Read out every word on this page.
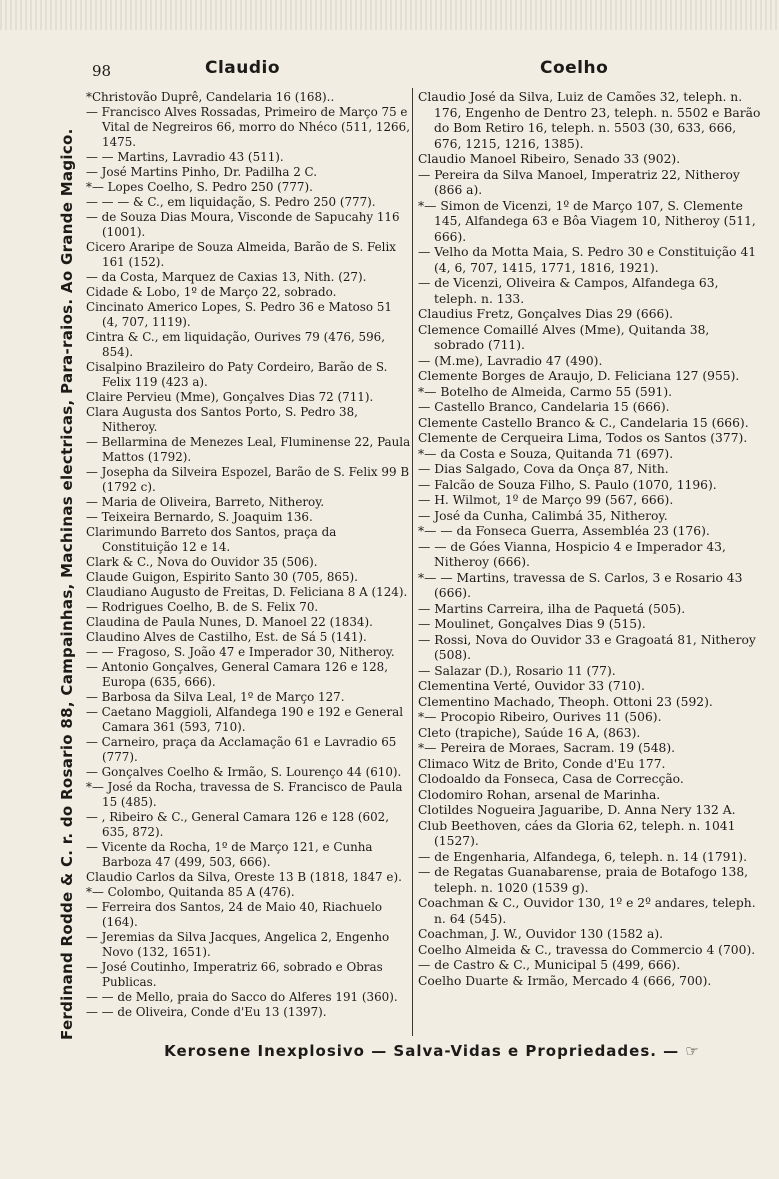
98	Claudio	Coelho
Ferdinand Rodde & C. r. do Rosario 88, Campainhas, Machinas electricas, Para-raios. Ao Grande Magico.
*Christovão Duprê, Candelaria 16 (168)..
— Francisco Alves Rossadas, Primeiro de Março 75 e Vital de Negreiros 66, morro do Nhéco (511, 1266, 1475.
— — Martins, Lavradio 43 (511).
— José Martins Pinho, Dr. Padilha 2 C.
*— Lopes Coelho, S. Pedro 250 (777).
— — — & C., em liquidação, S. Pedro 250 (777).
— de Souza Dias Moura, Visconde de Sapucahy 116 (1001).
Cicero Araripe de Souza Almeida, Barão de S. Felix 161 (152).
— da Costa, Marquez de Caxias 13, Nith. (27).
Cidade & Lobo, 1º de Março 22, sobrado.
Cincinato Americo Lopes, S. Pedro 36 e Matoso 51 (4, 707, 1119).
Cintra & C., em liquidação, Ourives 79 (476, 596, 854).
Cisalpino Brazileiro do Paty Cordeiro, Barão de S. Felix 119 (423 a).
Claire Pervieu (Mme), Gonçalves Dias 72 (711).
Clara Augusta dos Santos Porto, S. Pedro 38, Nitheroy.
— Bellarmina de Menezes Leal, Fluminense 22, Paula Mattos (1792).
— Josepha da Silveira Espozel, Barão de S. Felix 99 B (1792 c).
— Maria de Oliveira, Barreto, Nitheroy.
— Teixeira Bernardo, S. Joaquim 136.
Clarimundo Barreto dos Santos, praça da Constituição 12 e 14.
Clark & C., Nova do Ouvidor 35 (506).
Claude Guigon, Espirito Santo 30 (705, 865).
Claudiano Augusto de Freitas, D. Feliciana 8 A (124).
— Rodrigues Coelho, B. de S. Felix 70.
Claudina de Paula Nunes, D. Manoel 22 (1834).
Claudino Alves de Castilho, Est. de Sá 5 (141).
— — Fragoso, S. João 47 e Imperador 30, Nitheroy.
— Antonio Gonçalves, General Camara 126 e 128, Europa (635, 666).
— Barbosa da Silva Leal, 1º de Março 127.
— Caetano Maggioli, Alfandega 190 e 192 e General Camara 361 (593, 710).
— Carneiro, praça da Acclamação 61 e Lavradio 65 (777).
— Gonçalves Coelho & Irmão, S. Lourenço 44 (610).
*— José da Rocha, travessa de S. Francisco de Paula 15 (485).
— , Ribeiro & C., General Camara 126 e 128 (602, 635, 872).
— Vicente da Rocha, 1º de Março 121, e Cunha Barboza 47 (499, 503, 666).
Claudio Carlos da Silva, Oreste 13 B (1818, 1847 e).
*— Colombo, Quitanda 85 A (476).
— Ferreira dos Santos, 24 de Maio 40, Riachuelo (164).
— Jeremias da Silva Jacques, Angelica 2, Engenho Novo (132, 1651).
— José Coutinho, Imperatriz 66, sobrado e Obras Publicas.
— — de Mello, praia do Sacco do Alferes 191 (360).
— — de Oliveira, Conde d'Eu 13 (1397).
Claudio José da Silva, Luiz de Camões 32, teleph. n. 176, Engenho de Dentro 23, teleph. n. 5502 e Barão do Bom Retiro 16, teleph. n. 5503 (30, 633, 666, 676, 1215, 1216, 1385).
Claudio Manoel Ribeiro, Senado 33 (902).
— Pereira da Silva Manoel, Imperatriz 22, Nitheroy (866 a).
*— Simon de Vicenzi, 1º de Março 107, S. Clemente 145, Alfandega 63 e Bôa Viagem 10, Nitheroy (511, 666).
— Velho da Motta Maia, S. Pedro 30 e Constituição 41 (4, 6, 707, 1415, 1771, 1816, 1921).
— de Vicenzi, Oliveira & Campos, Alfandega 63, teleph. n. 133.
Claudius Fretz, Gonçalves Dias 29 (666).
Clemence Comaillé Alves (Mme), Quitanda 38, sobrado (711).
— (M.me), Lavradio 47 (490).
Clemente Borges de Araujo, D. Feliciana 127 (955).
*— Botelho de Almeida, Carmo 55 (591).
— Castello Branco, Candelaria 15 (666).
Clemente Castello Branco & C., Candelaria 15 (666).
Clemente de Cerqueira Lima, Todos os Santos (377).
*— da Costa e Souza, Quitanda 71 (697).
— Dias Salgado, Cova da Onça 87, Nith.
— Falcão de Souza Filho, S. Paulo (1070, 1196).
— H. Wilmot, 1º de Março 99 (567, 666).
— José da Cunha, Calimbá 35, Nitheroy.
*— — da Fonseca Guerra, Assembléa 23 (176).
— — de Góes Vianna, Hospicio 4 e Imperador 43, Nitheroy (666).
*— — Martins, travessa de S. Carlos, 3 e Rosario 43 (666).
— Martins Carreira, ilha de Paquetá (505).
— Moulinet, Gonçalves Dias 9 (515).
— Rossi, Nova do Ouvidor 33 e Gragoatá 81, Nitheroy (508).
— Salazar (D.), Rosario 11 (77).
Clementina Verté, Ouvidor 33 (710).
Clementino Machado, Theoph. Ottoni 23 (592).
*— Procopio Ribeiro, Ourives 11 (506).
Cleto (trapiche), Saúde 16 A, (863).
*— Pereira de Moraes, Sacram. 19 (548).
Climaco Witz de Brito, Conde d'Eu 177.
Clodoaldo da Fonseca, Casa de Correcção.
Clodomiro Rohan, arsenal de Marinha.
Clotildes Nogueira Jaguaribe, D. Anna Nery 132 A.
Club Beethoven, cáes da Gloria 62, teleph. n. 1041 (1527).
— de Engenharia, Alfandega, 6, teleph. n. 14 (1791).
— de Regatas Guanabarense, praia de Botafogo 138, teleph. n. 1020 (1539 g).
Coachman & C., Ouvidor 130, 1º e 2º andares, teleph. n. 64 (545).
Coachman, J. W., Ouvidor 130 (1582 a).
Coelho Almeida & C., travessa do Commercio 4 (700).
— de Castro & C., Municipal 5 (499, 666).
Coelho Duarte & Irmão, Mercado 4 (666, 700).
Kerosene Inexplosivo — Salva-Vidas e Propriedades. — ☞
